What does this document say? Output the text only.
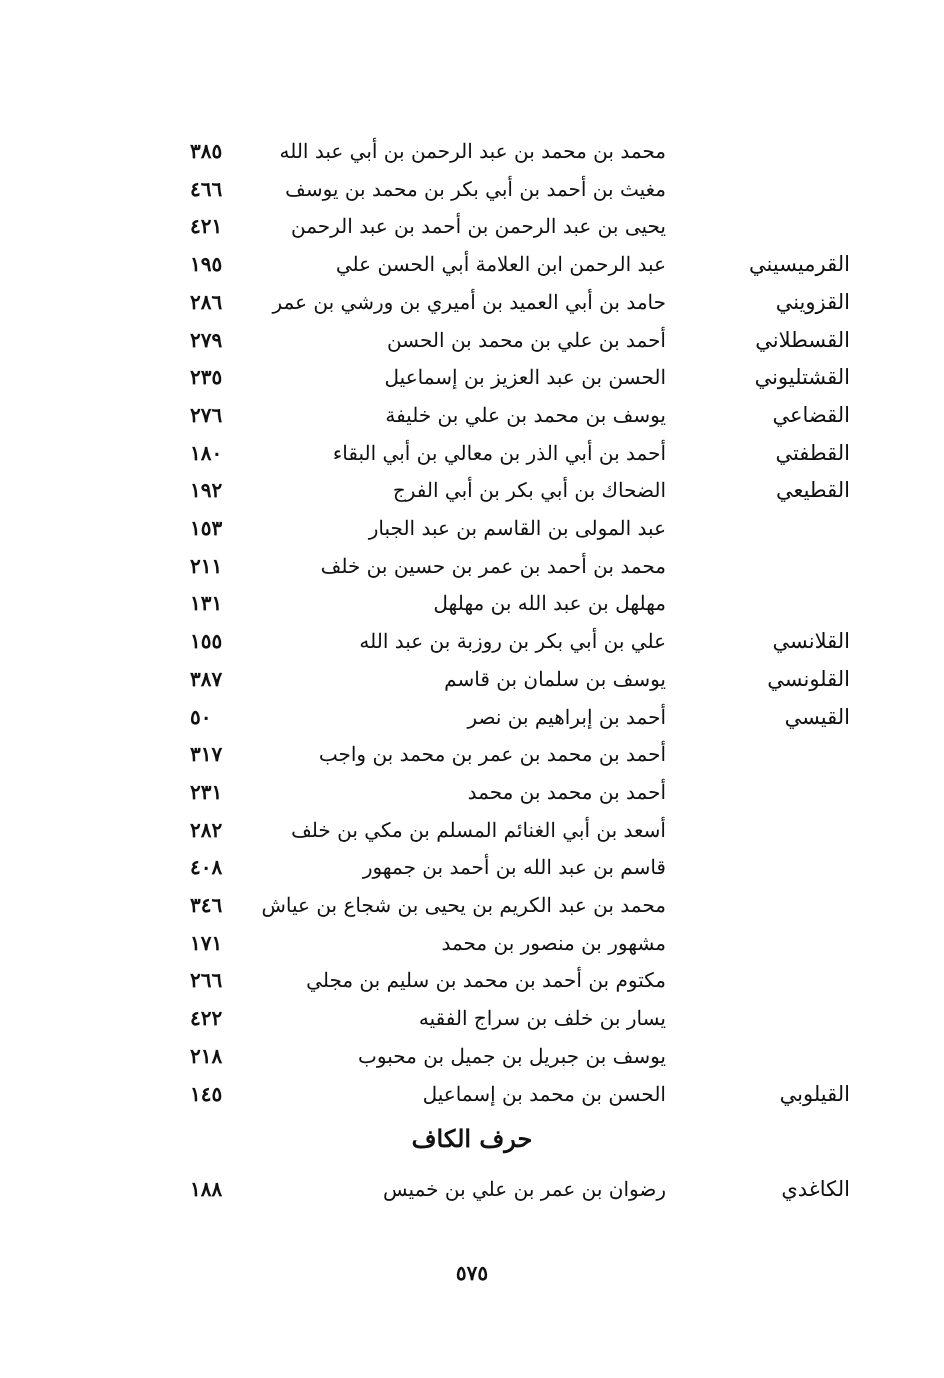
محمد بن محمد بن عبد الرحمن بن أبي عبد الله
٣٨٥
مغيث بن أحمد بن أبي بكر بن محمد بن يوسف
٤٦٦
يحيى بن عبد الرحمن بن أحمد بن عبد الرحمن
٤٢١
القرميسيني
عبد الرحمن ابن العلامة أبي الحسن علي
١٩٥
القزويني
حامد بن أبي العميد بن أميري بن ورشي بن عمر
٢٨٦
القسطلاني
أحمد بن علي بن محمد بن الحسن
٢٧٩
القشتليوني
الحسن بن عبد العزيز بن إسماعيل
٢٣٥
القضاعي
يوسف بن محمد بن علي بن خليفة
٢٧٦
القطفتي
أحمد بن أبي الذر بن معالي بن أبي البقاء
١٨٠
القطيعي
الضحاك بن أبي بكر بن أبي الفرج
١٩٢
عبد المولى بن القاسم بن عبد الجبار
١٥٣
محمد بن أحمد بن عمر بن حسين بن خلف
٢١١
مهلهل بن عبد الله بن مهلهل
١٣١
القلانسي
علي بن أبي بكر بن روزبة بن عبد الله
١٥٥
القلونسي
يوسف بن سلمان بن قاسم
٣٨٧
القيسي
أحمد بن إبراهيم بن نصر
٥٠
أحمد بن محمد بن عمر بن محمد بن واجب
٣١٧
أحمد بن محمد بن محمد
٢٣١
أسعد بن أبي الغنائم المسلم بن مكي بن خلف
٢٨٢
قاسم بن عبد الله بن أحمد بن جمهور
٤٠٨
محمد بن عبد الكريم بن يحيى بن شجاع بن عياش
٣٤٦
مشهور بن منصور بن محمد
١٧١
مكتوم بن أحمد بن محمد بن سليم بن مجلي
٢٦٦
يسار بن خلف بن سراج الفقيه
٤٢٢
يوسف بن جبريل بن جميل بن محبوب
٢١٨
القيلوبي
الحسن بن محمد بن إسماعيل
١٤٥
حرف الكاف
الكاغدي
رضوان بن عمر بن علي بن خميس
١٨٨
٥٧٥
